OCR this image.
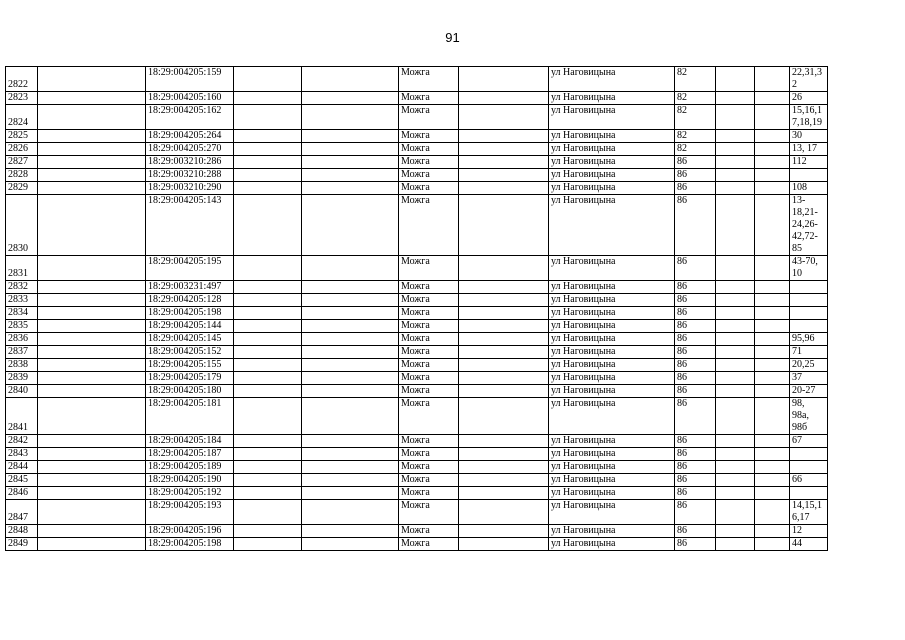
91
2822		18:29:004205:159			Можга		ул Наговицына	82			22,31,3
2
2823		18:29:004205:160			Можга		ул Наговицына	82			26
2824		18:29:004205:162			Можга		ул Наговицына	82			15,16,1
7,18,19
2825		18:29:004205:264			Можга		ул Наговицына	82			30
2826		18:29:004205:270			Можга		ул Наговицына	82			13, 17
2827		18:29:003210:286			Можга		ул Наговицына	86			112
2828		18:29:003210:288			Можга		ул Наговицына	86			
2829		18:29:003210:290			Можга		ул Наговицына	86			108
2830		18:29:004205:143			Можга		ул Наговицына	86			13-
18,21-
24,26-
42,72-
85
2831		18:29:004205:195			Можга		ул Наговицына	86			43-70,
10
2832		18:29:003231:497			Можга		ул Наговицына	86			
2833		18:29:004205:128			Можга		ул Наговицына	86			
2834		18:29:004205:198			Можга		ул Наговицына	86			
2835		18:29:004205:144			Можга		ул Наговицына	86			
2836		18:29:004205:145			Можга		ул Наговицына	86			95,96
2837		18:29:004205:152			Можга		ул Наговицына	86			71
2838		18:29:004205:155			Можга		ул Наговицына	86			20,25
2839		18:29:004205:179			Можга		ул Наговицына	86			37
2840		18:29:004205:180			Можга		ул Наговицына	86			20-27
2841		18:29:004205:181			Можга		ул Наговицына	86			98,
98а,
98б
2842		18:29:004205:184			Можга		ул Наговицына	86			67
2843		18:29:004205:187			Можга		ул Наговицына	86			
2844		18:29:004205:189			Можга		ул Наговицына	86			
2845		18:29:004205:190			Можга		ул Наговицына	86			66
2846		18:29:004205:192			Можга		ул Наговицына	86			
2847		18:29:004205:193			Можга		ул Наговицына	86			14,15,1
6,17
2848		18:29:004205:196			Можга		ул Наговицына	86			12
2849		18:29:004205:198			Можга		ул Наговицына	86			44
